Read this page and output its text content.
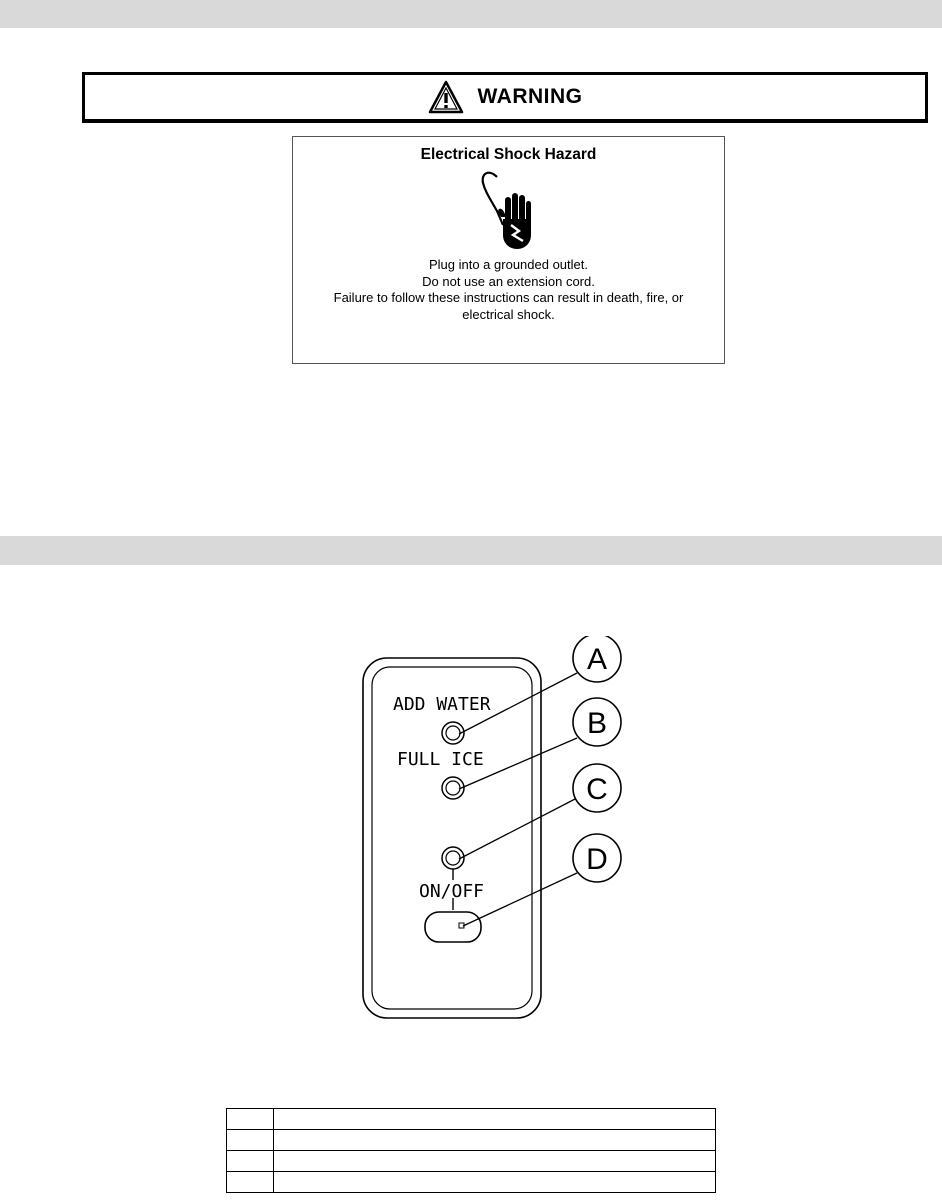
WARNING
Electrical Shock Hazard
Plug into a grounded outlet.
Do not use an extension cord.
Failure to follow these instructions can result in death, fire, or
electrical shock.
ADD WATER
FULL ICE
ON/OFF
A
B
C
D
